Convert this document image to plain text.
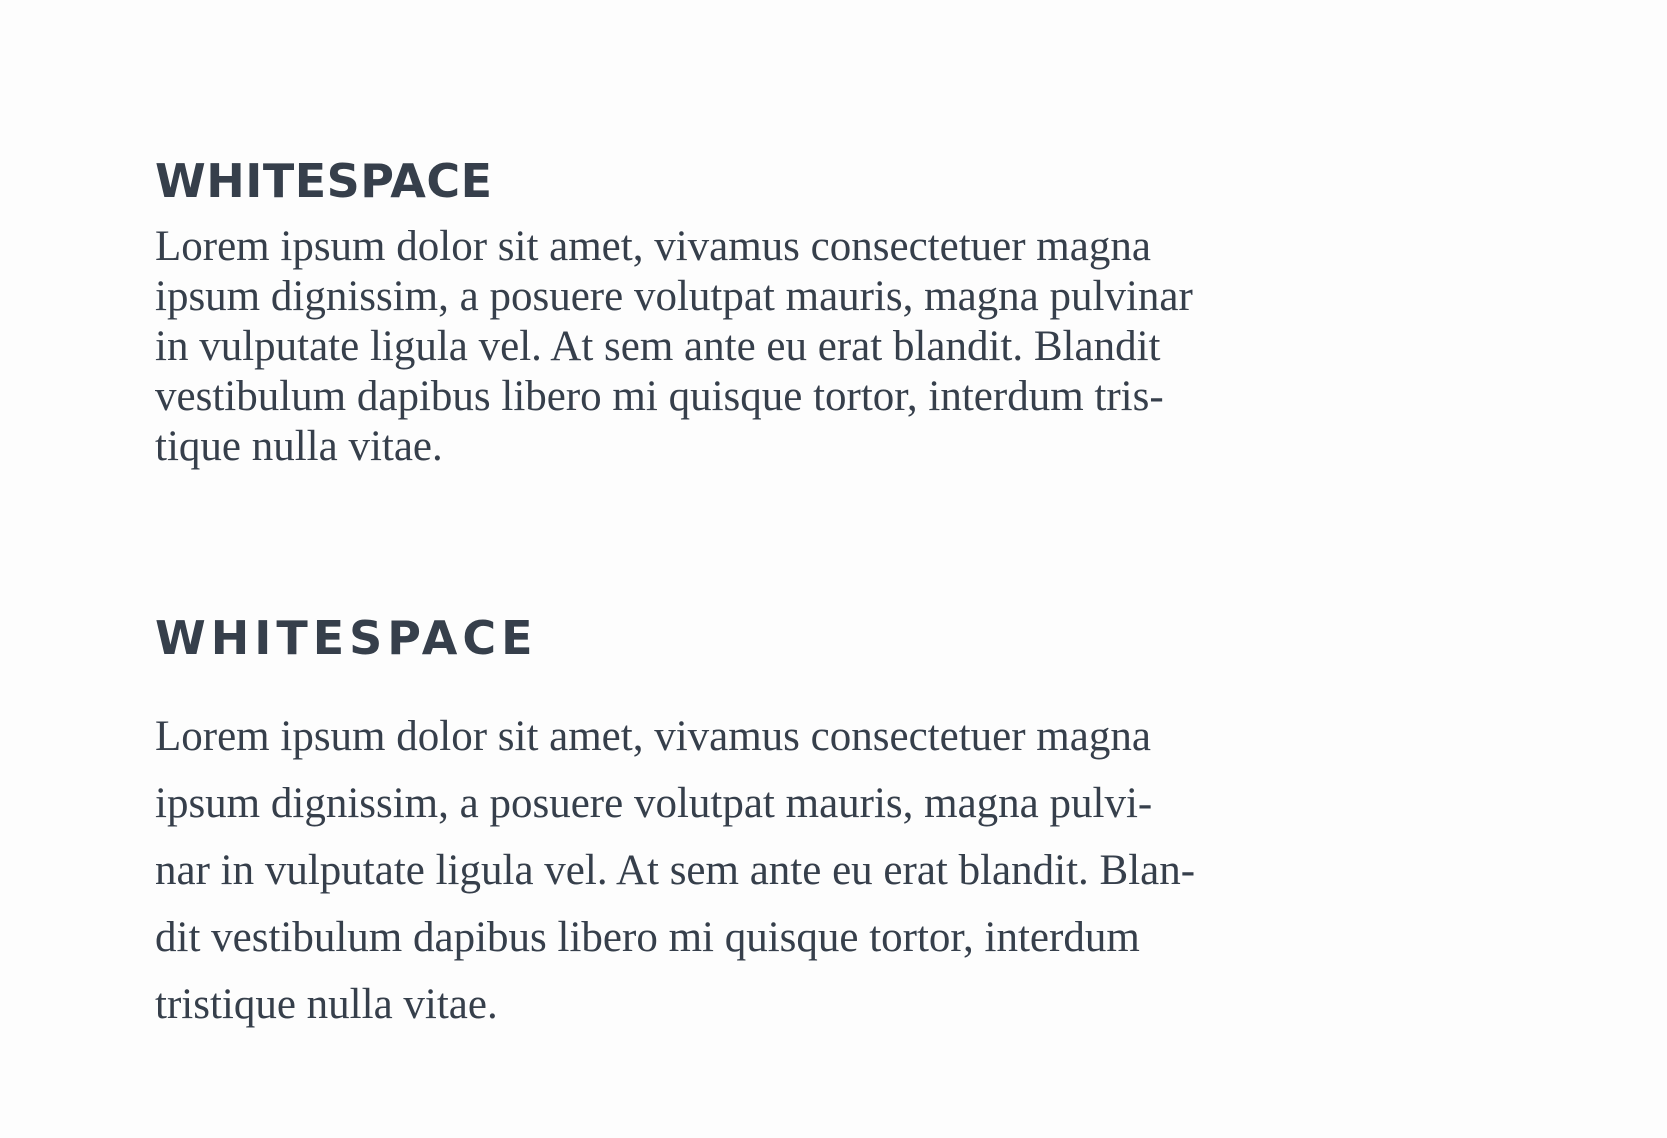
WHITESPACE

Lorem ipsum dolor sit amet, vivamus consectetuer magna
ipsum dignissim, a posuere volutpat mauris, magna pulvinar
in vulputate ligula vel. At sem ante eu erat blandit. Blandit
vestibulum dapibus libero mi quisque tortor, interdum tris-
tique nulla vitae.

WHITESPACE

Lorem ipsum dolor sit amet, vivamus consectetuer magna
ipsum dignissim, a posuere volutpat mauris, magna pulvi-
nar in vulputate ligula vel. At sem ante eu erat blandit. Blan-
dit vestibulum dapibus libero mi quisque tortor, interdum
tristique nulla vitae.
